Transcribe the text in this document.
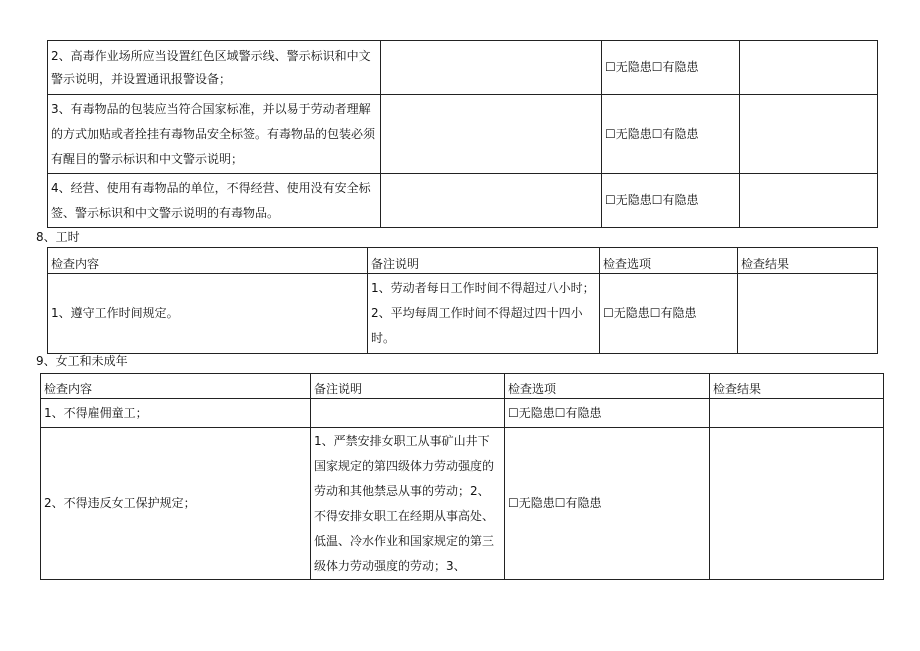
2、高毒作业场所应当设置红色区域警示线、警示标识和中文警示说明，并设置通讯报警设备；		☐无隐患☐有隐患	
3、有毒物品的包装应当符合国家标准，并以易于劳动者理解的方式加贴或者拴挂有毒物品安全标签。有毒物品的包装必须有醒目的警示标识和中文警示说明；		☐无隐患☐有隐患	
4、经营、使用有毒物品的单位，不得经营、使用没有安全标签、警示标识和中文警示说明的有毒物品。		☐无隐患☐有隐患	
8、工时
检查内容	备注说明	检查选项	检查结果
1、遵守工作时间规定。	1、劳动者每日工作时间不得超过八小时；2、平均每周工作时间不得超过四十四小时。	☐无隐患☐有隐患	
9、女工和未成年
检查内容	备注说明	检查选项	检查结果
1、不得雇佣童工；		☐无隐患☐有隐患	
2、不得违反女工保护规定；	1、严禁安排女职工从事矿山井下国家规定的第四级体力劳动强度的劳动和其他禁忌从事的劳动；2、不得安排女职工在经期从事高处、低温、冷水作业和国家规定的第三级体力劳动强度的劳动；3、	☐无隐患☐有隐患	
